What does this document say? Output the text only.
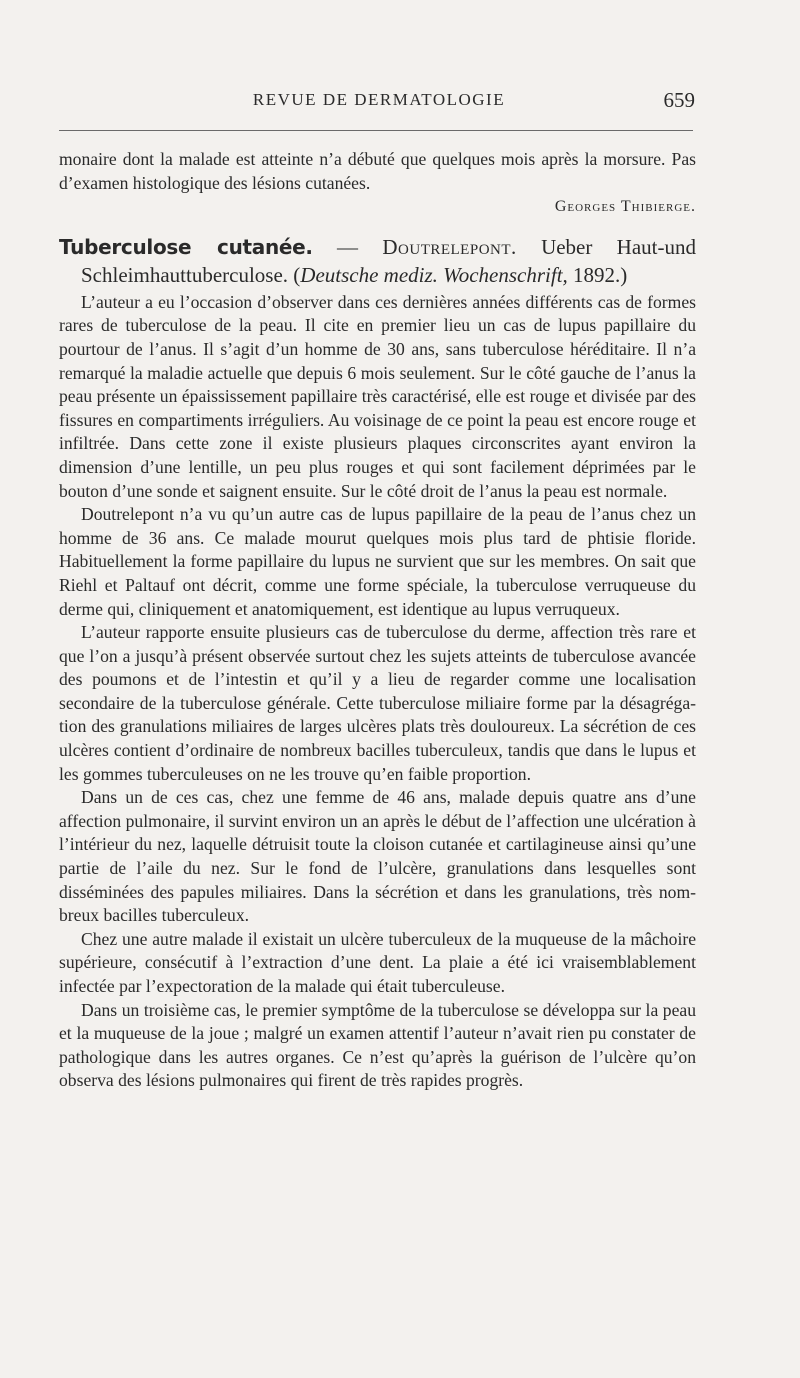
REVUE DE DERMATOLOGIE	659

monaire dont la malade est atteinte n’a débuté que quelques mois après la morsure. Pas d’examen histologique des lésions cutanées.

Georges Thibierge.

Tuberculose cutanée. — Doutrelepont. Ueber Haut-und Schleimhauttuberculose. (Deutsche mediz. Wochenschrift, 1892.)

L’auteur a eu l’occasion d’observer dans ces dernières années différents cas de formes rares de tuberculose de la peau. Il cite en premier lieu un cas de lupus papillaire du pourtour de l’anus. Il s’agit d’un homme de 30 ans, sans tuberculose héréditaire. Il n’a remarqué la maladie actuelle que depuis 6 mois seulement. Sur le côté gauche de l’anus la peau présente un épaississement papillaire très caractérisé, elle est rouge et divisée par des fissures en compartiments irréguliers. Au voisinage de ce point la peau est encore rouge et infiltrée. Dans cette zone il existe plusieurs plaques circonscrites ayant environ la dimension d’une lentille, un peu plus rouges et qui sont facilement déprimées par le bouton d’une sonde et saignent ensuite. Sur le côté droit de l’anus la peau est normale.

Doutrelepont n’a vu qu’un autre cas de lupus papillaire de la peau de l’anus chez un homme de 36 ans. Ce malade mourut quelques mois plus tard de phtisie floride. Habituellement la forme papillaire du lupus ne survient que sur les membres. On sait que Riehl et Paltauf ont décrit, comme une forme spéciale, la tuberculose verruqueuse du derme qui, cliniquement et anatomiquement, est identique au lupus verruqueux.

L’auteur rapporte ensuite plusieurs cas de tuberculose du derme, affection très rare et que l’on a jusqu’à présent observée surtout chez les sujets atteints de tuberculose avancée des poumons et de l’intestin et qu’il y a lieu de regarder comme une localisation secondaire de la tuberculose générale. Cette tuberculose miliaire forme par la désagrégation des granulations miliaires de larges ulcères plats très douloureux. La sécrétion de ces ulcères contient d’ordinaire de nombreux bacilles tuberculeux, tandis que dans le lupus et les gommes tuberculeuses on ne les trouve qu’en faible proportion.

Dans un de ces cas, chez une femme de 46 ans, malade depuis quatre ans d’une affection pulmonaire, il survint environ un an après le début de l’affection une ulcération à l’intérieur du nez, laquelle détruisit toute la cloison cutanée et cartilagineuse ainsi qu’une partie de l’aile du nez. Sur le fond de l’ulcère, granulations dans lesquelles sont disséminées des papules miliaires. Dans la sécrétion et dans les granulations, très nombreux bacilles tuberculeux.

Chez une autre malade il existait un ulcère tuberculeux de la muqueuse de la mâchoire supérieure, consécutif à l’extraction d’une dent. La plaie a été ici vraisemblablement infectée par l’expectoration de la malade qui était tuberculeuse.

Dans un troisième cas, le premier symptôme de la tuberculose se développa sur la peau et la muqueuse de la joue ; malgré un examen attentif l’auteur n’avait rien pu constater de pathologique dans les autres organes. Ce n’est qu’après la guérison de l’ulcère qu’on observa des lésions pulmonaires qui firent de très rapides progrès.
